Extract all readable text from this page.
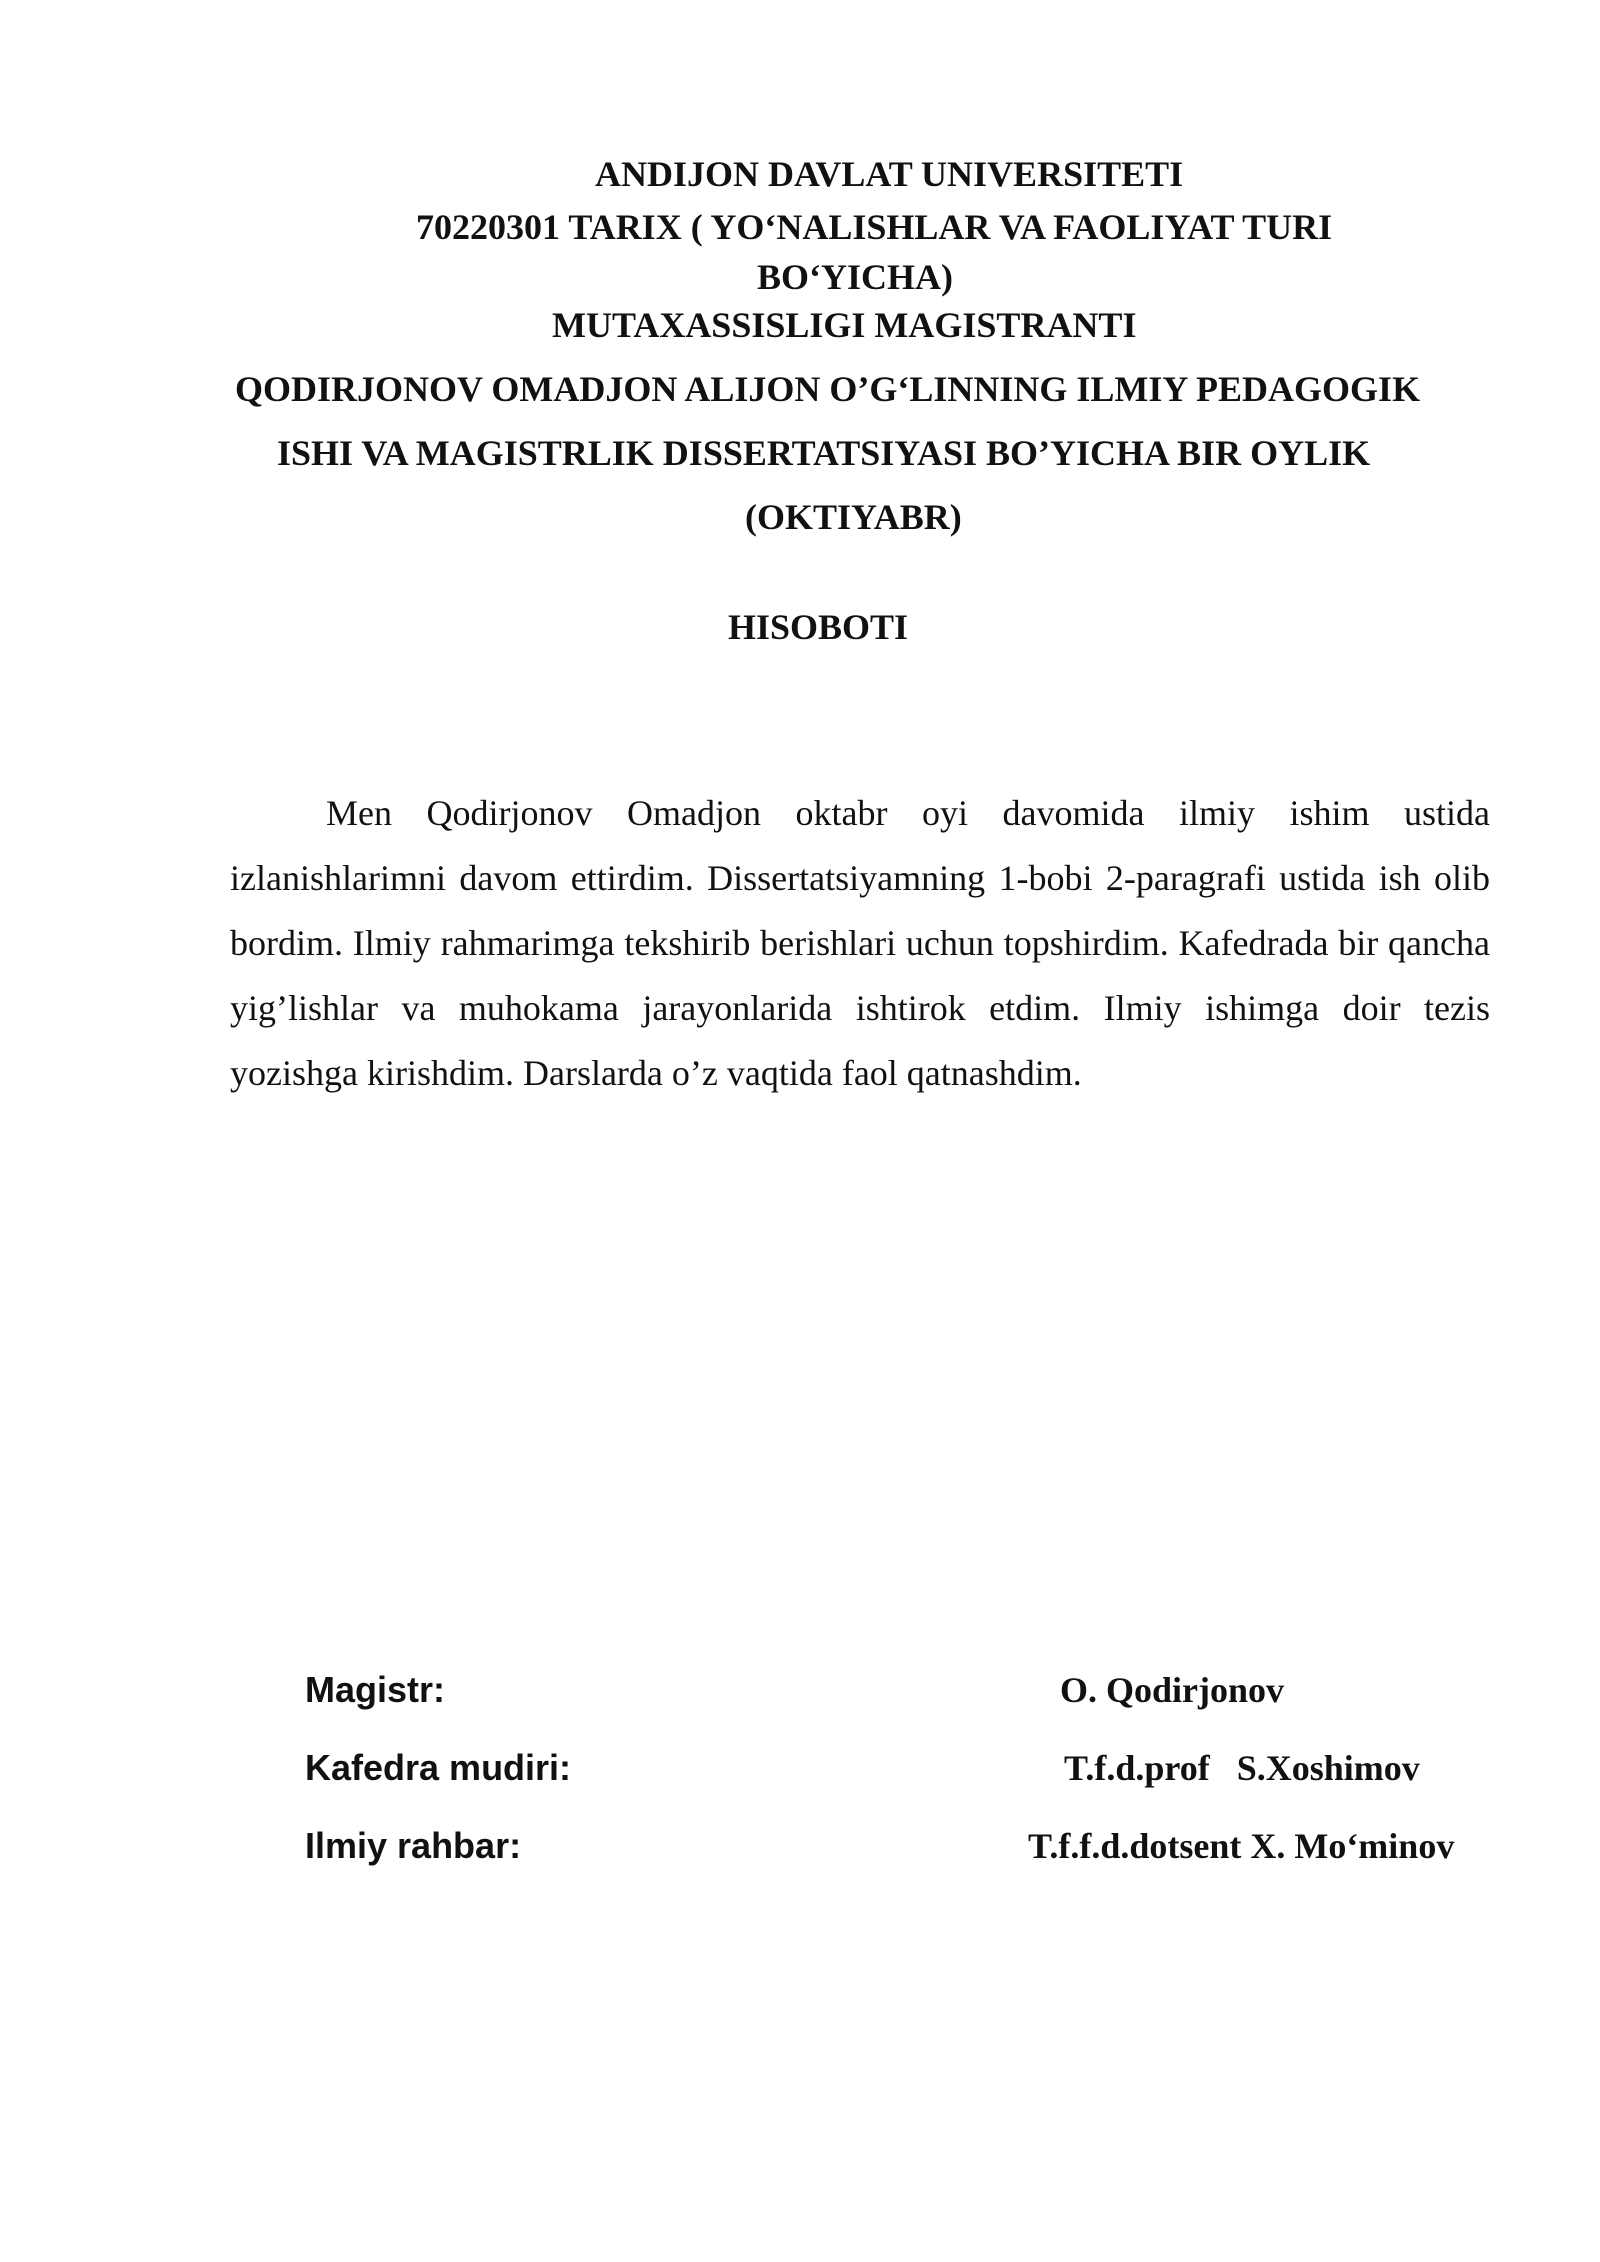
ANDIJON DAVLAT UNIVERSITETI
70220301 TARIX ( YO‘NALISHLAR VA FAOLIYAT TURI
BO‘YICHA)
MUTAXASSISLIGI MAGISTRANTI
QODIRJONOV OMADJON ALIJON O’G‘LINNING ILMIY PEDAGOGIK
ISHI VA MAGISTRLIK DISSERTATSIYASI BO’YICHA BIR OYLIK
(OKTIYABR)
HISOBOTI

Men Qodirjonov Omadjon oktabr oyi davomida ilmiy ishim ustida izlanishlarimni davom ettirdim. Dissertatsiyamning 1-bobi 2-paragrafi ustida ish olib bordim. Ilmiy rahmarimga tekshirib berishlari uchun topshirdim. Kafedrada bir qancha yig’lishlar va muhokama jarayonlarida ishtirok etdim. Ilmiy ishimga doir tezis yozishga kirishdim. Darslarda o’z vaqtida faol qatnashdim.

Magistr:	O. Qodirjonov
Kafedra mudiri:	T.f.d.prof   S.Xoshimov
Ilmiy rahbar:	T.f.f.d.dotsent X. Mo‘minov
